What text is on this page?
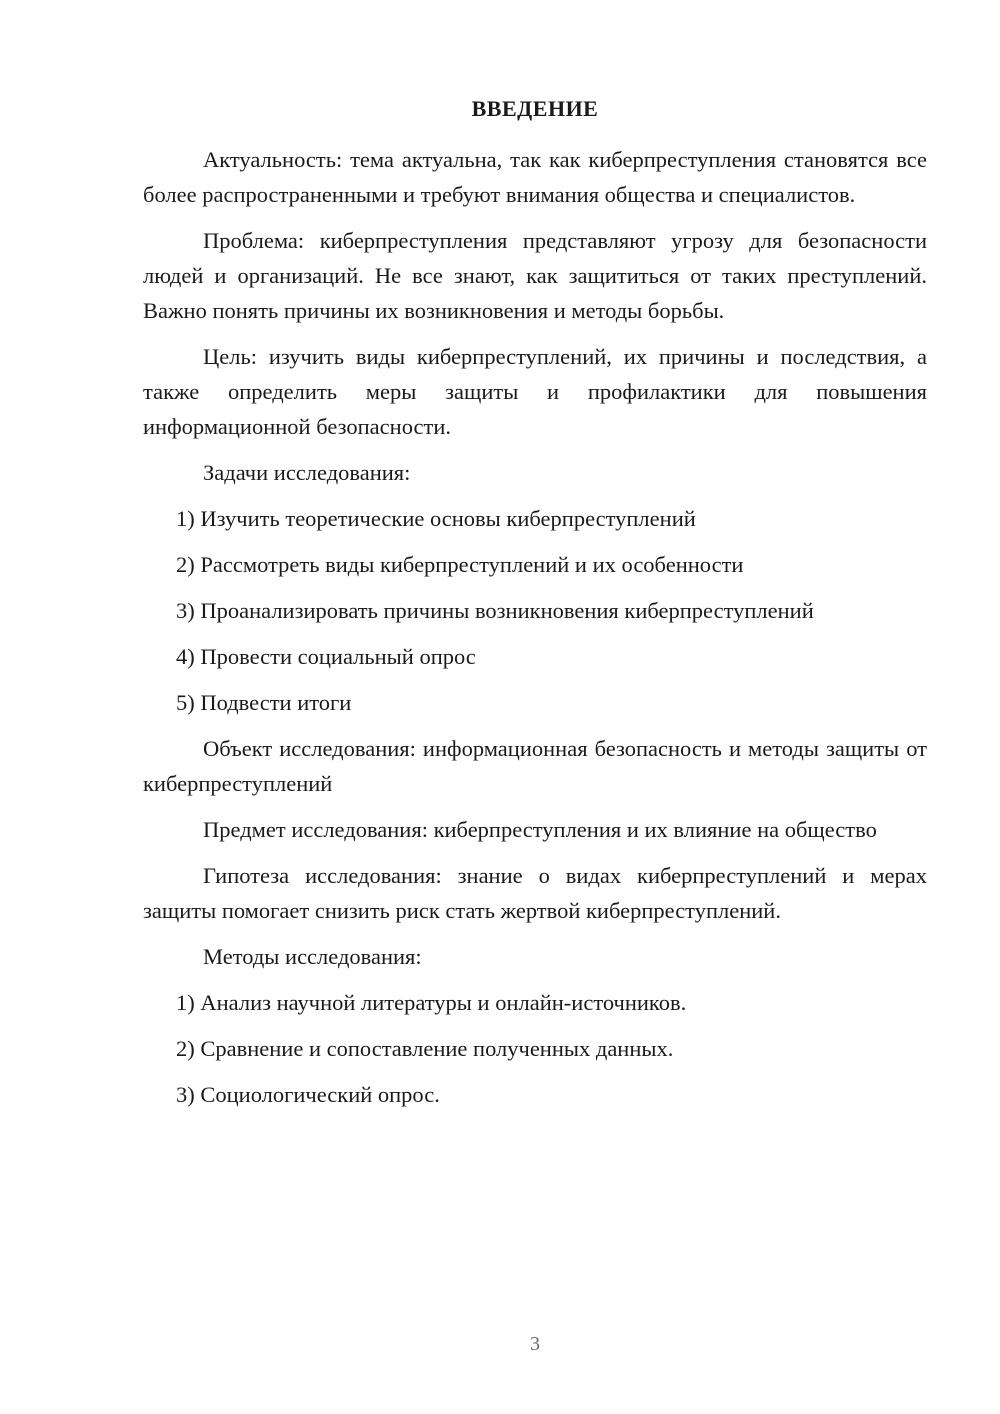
ВВЕДЕНИЕ

Актуальность: тема актуальна, так как киберпреступления становятся все более распространенными и требуют внимания общества и специалистов.

Проблема: киберпреступления представляют угрозу для безопасности людей и организаций. Не все знают, как защититься от таких преступлений. Важно понять причины их возникновения и методы борьбы.

Цель: изучить виды киберпреступлений, их причины и последствия, а также определить меры защиты и профилактики для повышения информационной безопасности.

Задачи исследования:

1) Изучить теоретические основы киберпреступлений
2) Рассмотреть виды киберпреступлений и их особенности
3) Проанализировать причины возникновения киберпреступлений
4) Провести социальный опрос
5) Подвести итоги

Объект исследования: информационная безопасность и методы защиты от киберпреступлений

Предмет исследования: киберпреступления и их влияние на общество

Гипотеза исследования: знание о видах киберпреступлений и мерах защиты помогает снизить риск стать жертвой киберпреступлений.

Методы исследования:

1) Анализ научной литературы и онлайн-источников.
2) Сравнение и сопоставление полученных данных.
3) Социологический опрос.
3
